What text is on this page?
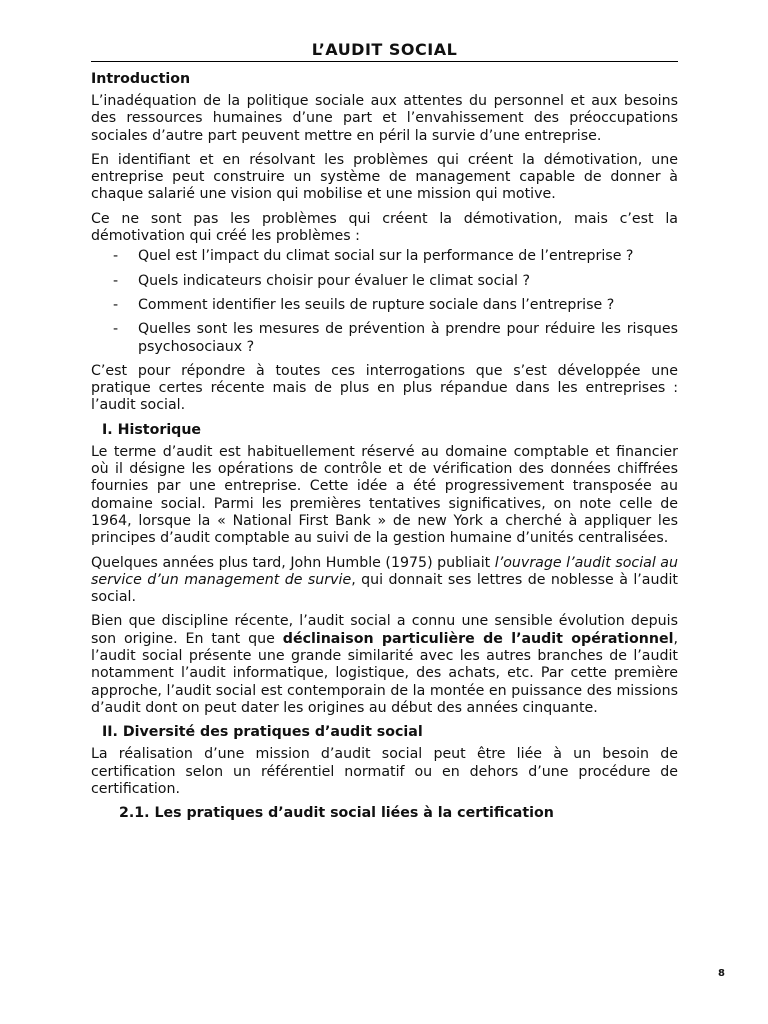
L’AUDIT SOCIAL
Introduction

L’inadéquation de la politique sociale aux attentes du personnel et aux besoins des ressources humaines d’une part et l’envahissement des préoccupations sociales d’autre part peuvent mettre en péril la survie d’une entreprise.

En identifiant et en résolvant les problèmes qui créent la démotivation, une entreprise peut construire un système de management capable de donner à chaque salarié une vision qui mobilise et une mission qui motive.

Ce ne sont pas les problèmes qui créent la démotivation, mais c’est la démotivation qui créé les problèmes :

- Quel est l’impact du climat social sur la performance de l’entreprise ?
- Quels indicateurs choisir pour évaluer le climat social ?
- Comment identifier les seuils de rupture sociale dans l’entreprise ?
- Quelles sont les mesures de prévention à prendre pour réduire les risques psychosociaux ?

C’est pour répondre à toutes ces interrogations que s’est développée une pratique certes récente mais de plus en plus répandue dans les entreprises : l’audit social.

I. Historique

Le terme d’audit est habituellement réservé au domaine comptable et financier où il désigne les opérations de contrôle et de vérification des données chiffrées fournies par une entreprise. Cette idée a été progressivement transposée au domaine social. Parmi les premières tentatives significatives, on note celle de 1964, lorsque la « National First Bank » de new York a cherché à appliquer les principes d’audit comptable au suivi de la gestion humaine d’unités centralisées.

Quelques années plus tard, John Humble (1975) publiait l’ouvrage l’audit social au service d’un management de survie, qui donnait ses lettres de noblesse à l’audit social.

Bien que discipline récente, l’audit social a connu une sensible évolution depuis son origine. En tant que déclinaison particulière de l’audit opérationnel, l’audit social présente une grande similarité avec les autres branches de l’audit notamment l’audit informatique, logistique, des achats, etc. Par cette première approche, l’audit social est contemporain de la montée en puissance des missions d’audit dont on peut dater les origines au début des années cinquante.

II. Diversité des pratiques d’audit social

La réalisation d’une mission d’audit social peut être liée à un besoin de certification selon un référentiel normatif ou en dehors d’une procédure de certification.

2.1. Les pratiques d’audit social liées à la certification
8
